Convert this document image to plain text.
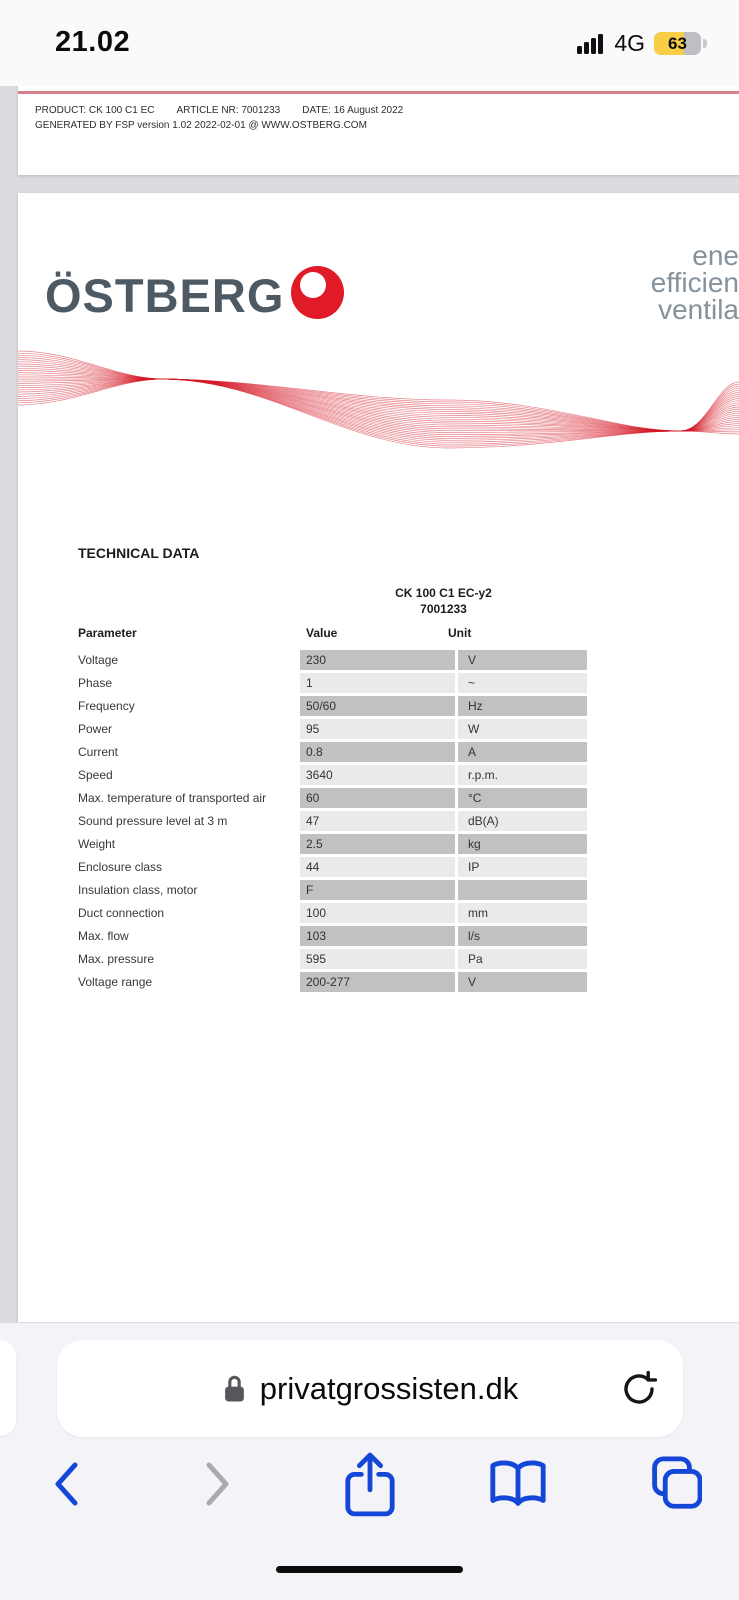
21.02	4G	63
PRODUCT: CK 100 C1 EC ARTICLE NR: 7001233 DATE: 16 August 2022
GENERATED BY FSP version 1.02 2022-02-01 @ WWW.OSTBERG.COM
ÖSTBERG
ene
efficien
ventila
TECHNICAL DATA
CK 100 C1 EC-y2
7001233
Parameter	Value	Unit
Voltage	230	V
Phase	1	~
Frequency	50/60	Hz
Power	95	W
Current	0.8	A
Speed	3640	r.p.m.
Max. temperature of transported air	60	°C
Sound pressure level at 3 m	47	dB(A)
Weight	2.5	kg
Enclosure class	44	IP
Insulation class, motor	F
Duct connection	100	mm
Max. flow	103	l/s
Max. pressure	595	Pa
Voltage range	200-277	V
privatgrossisten.dk
